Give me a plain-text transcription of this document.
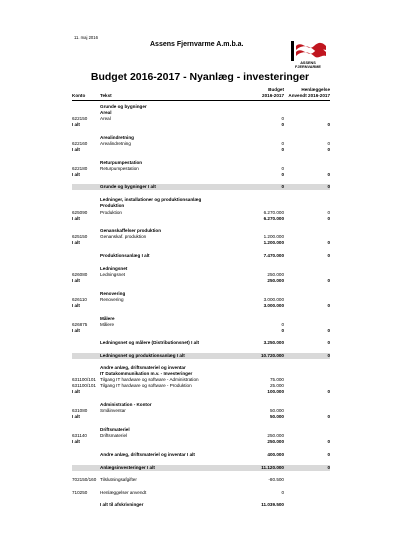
11. maj 2016
Assens Fjernvarme A.m.b.a.
ASSENS
FJERNVARME
Budget 2016-2017 - Nyanlæg - investeringer
Konto	Tekst
Budget
2016-2017
Henlæggelse
Anvendt 2016-2017
Grunde og bygninger
Areal
622150	Areal	0
I alt	0	0
Arealindretning
622160	Arealindretning	0	0
I alt	0	0
Returpumpestation
622180	Returpumpestation	0
I alt	0	0
Grunde og bygninger I alt	0	0
Ledninger, installationer og produktionsanlæg
Produktion
625090	Produktion	6.270.000	0
I alt	6.270.000	0
Genanskaffelser produktion
625150	Genanskaf. produktion	1.200.000
I alt	1.200.000	0
Produktionsanlæg I alt	7.470.000	0
Ledningsnet
626080	Ledningsnet	250.000
I alt	250.000	0
Renovering
626110	Renovering	3.000.000
I alt	3.000.000	0
Målere
626875	Målere	0
I alt	0	0
Ledningsnet og målere (Distributionsnet) I alt	3.250.000	0
Ledningsnet og produktionsanlæg I alt	10.720.000	0
Andre anlæg, driftsmateriel og inventar
IT Datakommunikation m.v. - Investeringer
631100/101 Tilgang IT hardware og software - Administration	75.000
631100/101 Tilgang IT hardware og software - Produktion	25.000
I alt	100.000	0
Administration - Kontor
631080	Småinventar	50.000
I alt	50.000	0
Driftsmateriel
631140	Driftsmateriel	250.000
I alt	250.000	0
Andre anlæg, driftsmateriel og inventar I alt	400.000	0
Anlægsinvesteringer I alt	11.120.000	0
702150/160 Tilslutningsafgifter	-80.500
710250	Henlæggelser anvendt	0
I alt til afskrivninger	11.039.500
